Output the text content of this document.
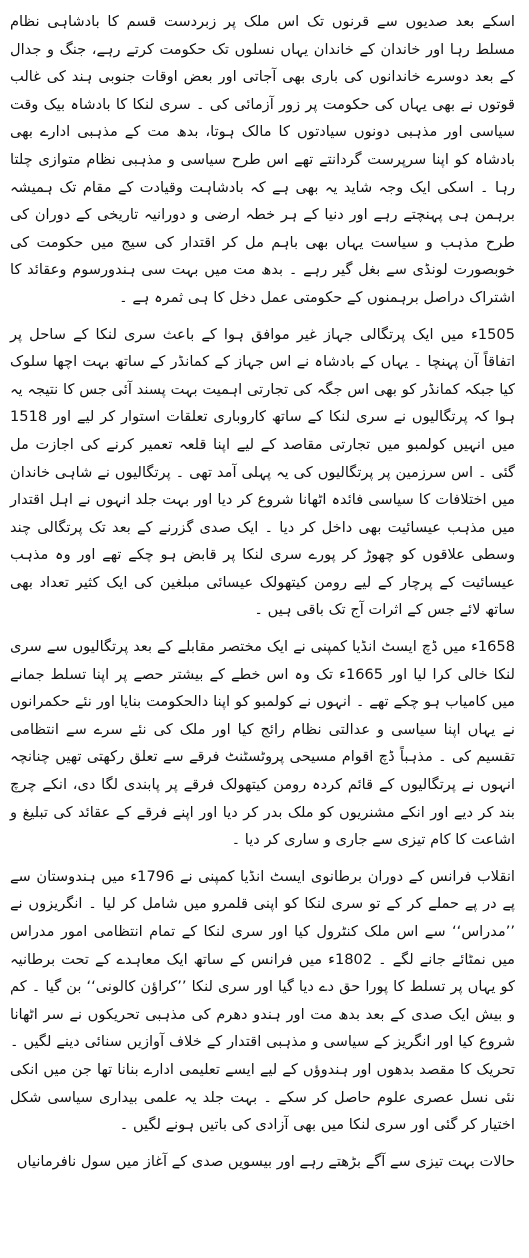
اسکے بعد صدیوں سے قرنوں تک اس ملک پر زبردست قسم کا بادشاہی نظام مسلط رہا اور خاندان کے خاندان یہاں نسلوں تک حکومت کرتے رہے، جنگ و جدال کے بعد دوسرے خاندانوں کی باری بھی آجاتی اور بعض اوقات جنوبی ہند کی غالب قوتوں نے بھی یہاں کی حکومت پر زور آزمائی کی ۔ سری لنکا کا بادشاہ بیک وقت سیاسی اور مذہبی دونوں سیادتوں کا مالک ہوتا، بدھ مت کے مذہبی ادارے بھی بادشاہ کو اپنا سرپرست گردانتے تھے اس طرح سیاسی و مذہبی نظام متوازی چلتا رہا ۔ اسکی ایک وجہ شاید یہ بھی ہے کہ بادشاہت وقیادت کے مقام تک ہمیشہ برہمن ہی پہنچتے رہے اور دنیا کے ہر خطہ ارضی و دورانیہ تاریخی کے دوران کی طرح مذہب و سیاست یہاں بھی باہم مل کر اقتدار کی سیج میں حکومت کی خوبصورت لونڈی سے بغل گیر رہے ۔ بدھ مت میں بہت سی ہندورسوم وعقائد کا اشتراک دراصل برہمنوں کے حکومتی عمل دخل کا ہی ثمرہ ہے ۔

1505ء میں ایک پرتگالی جہاز غیر موافق ہوا کے باعث سری لنکا کے ساحل پر اتفاقاً آن پہنچا ۔ یہاں کے بادشاہ نے اس جہاز کے کمانڈر کے ساتھ بہت اچھا سلوک کیا جبکہ کمانڈر کو بھی اس جگہ کی تجارتی اہمیت بہت پسند آئی جس کا نتیجہ یہ ہوا کہ پرتگالیوں نے سری لنکا کے ساتھ کاروباری تعلقات استوار کر لیے اور 1518 میں انہیں کولمبو میں تجارتی مقاصد کے لیے اپنا قلعہ تعمیر کرنے کی اجازت مل گئی ۔ اس سرزمین پر پرتگالیوں کی یہ پہلی آمد تھی ۔ پرتگالیوں نے شاہی خاندان میں اختلافات کا سیاسی فائدہ اٹھانا شروع کر دیا اور بہت جلد انہوں نے اہل اقتدار میں مذہب عیسائیت بھی داخل کر دیا ۔ ایک صدی گزرنے کے بعد تک پرتگالی چند وسطی علاقوں کو چھوڑ کر پورے سری لنکا پر قابض ہو چکے تھے اور وہ مذہب عیسائیت کے پرچار کے لیے رومن کیتھولک عیسائی مبلغین کی ایک کثیر تعداد بھی ساتھ لائے جس کے اثرات آج تک باقی ہیں ۔

1658ء میں ڈچ ایسٹ انڈیا کمپنی نے ایک مختصر مقابلے کے بعد پرتگالیوں سے سری لنکا خالی کرا لیا اور 1665ء تک وہ اس خطے کے بیشتر حصے پر اپنا تسلط جمانے میں کامیاب ہو چکے تھے ۔ انہوں نے کولمبو کو اپنا دالحکومت بنایا اور نئے حکمرانوں نے یہاں اپنا سیاسی و عدالتی نظام رائج کیا اور ملک کی نئے سرے سے انتظامی تقسیم کی ۔ مذہباً ڈچ اقوام مسیحی پروٹسٹنٹ فرقے سے تعلق رکھتی تھیں چنانچہ انہوں نے پرتگالیوں کے قائم کردہ رومن کیتھولک فرقے پر پابندی لگا دی، انکے چرچ بند کر دیے اور انکے مشنریوں کو ملک بدر کر دیا اور اپنے فرقے کے عقائد کی تبلیغ و اشاعت کا کام تیزی سے جاری و ساری کر دیا ۔

انقلاب فرانس کے دوران برطانوی ایسٹ انڈیا کمپنی نے 1796ء میں ہندوستان سے پے در پے حملے کر کے تو سری لنکا کو اپنی قلمرو میں شامل کر لیا ۔ انگریزوں نے ’’مدراس‘‘ سے اس ملک کنٹرول کیا اور سری لنکا کے تمام انتظامی امور مدراس میں نمٹائے جانے لگے ۔ 1802ء میں فرانس کے ساتھ ایک معاہدے کے تحت برطانیہ کو یہاں پر تسلط کا پورا حق دے دیا گیا اور سری لنکا ’’کراؤن کالونی‘‘ بن گیا ۔ کم و بیش ایک صدی کے بعد بدھ مت اور ہندو دھرم کی مذہبی تحریکوں نے سر اٹھانا شروع کیا اور انگریز کے سیاسی و مذہبی اقتدار کے خلاف آوازیں سنائی دینے لگیں ۔ تحریک کا مقصد بدھوں اور ہندوؤں کے لیے ایسے تعلیمی ادارے بنانا تھا جن میں انکی نئی نسل عصری علوم حاصل کر سکے ۔ بہت جلد یہ علمی بیداری سیاسی شکل اختیار کر گئی اور سری لنکا میں بھی آزادی کی باتیں ہونے لگیں ۔

حالات بہت تیزی سے آگے بڑھتے رہے اور بیسویں صدی کے آغاز میں سول نافرمانیاں
